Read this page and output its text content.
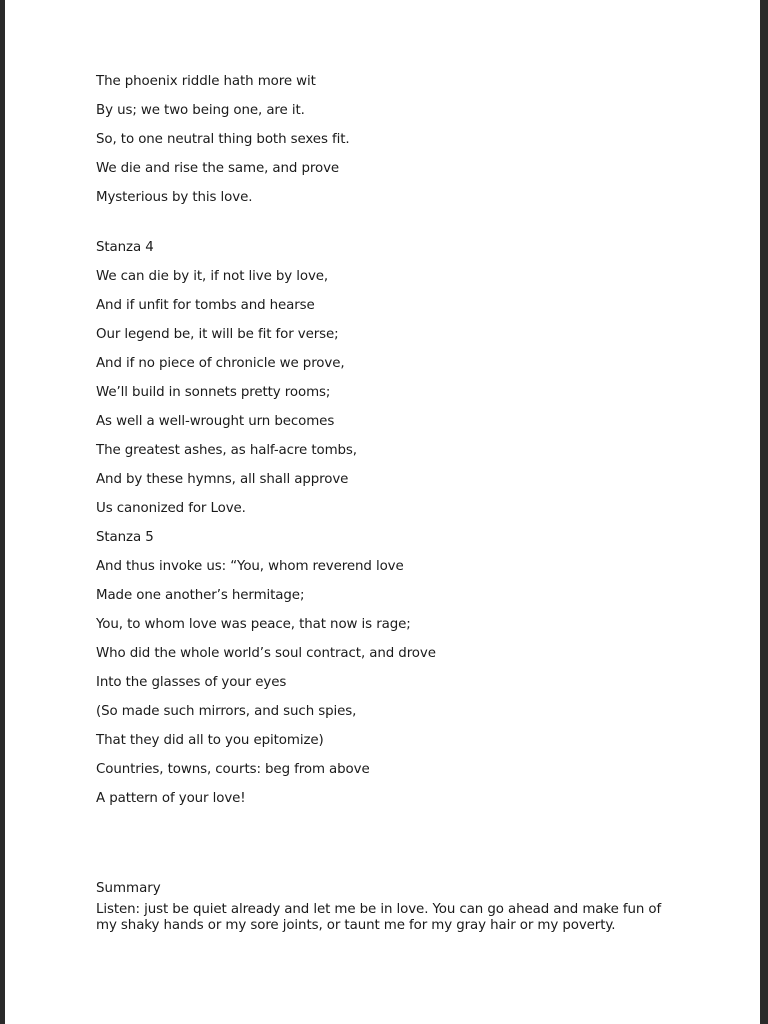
The phoenix riddle hath more wit
By us; we two being one, are it.
So, to one neutral thing both sexes fit.
We die and rise the same, and prove
Mysterious by this love.
Stanza 4
We can die by it, if not live by love,
And if unfit for tombs and hearse
Our legend be, it will be fit for verse;
And if no piece of chronicle we prove,
We’ll build in sonnets pretty rooms;
As well a well-wrought urn becomes
The greatest ashes, as half-acre tombs,
And by these hymns, all shall approve
Us canonized for Love.
Stanza 5
And thus invoke us: “You, whom reverend love
Made one another’s hermitage;
You, to whom love was peace, that now is rage;
Who did the whole world’s soul contract, and drove
Into the glasses of your eyes
(So made such mirrors, and such spies,
That they did all to you epitomize)
Countries, towns, courts: beg from above
A pattern of your love!
Summary
Listen: just be quiet already and let me be in love. You can go ahead and make fun of my shaky hands or my sore joints, or taunt me for my gray hair or my poverty.
